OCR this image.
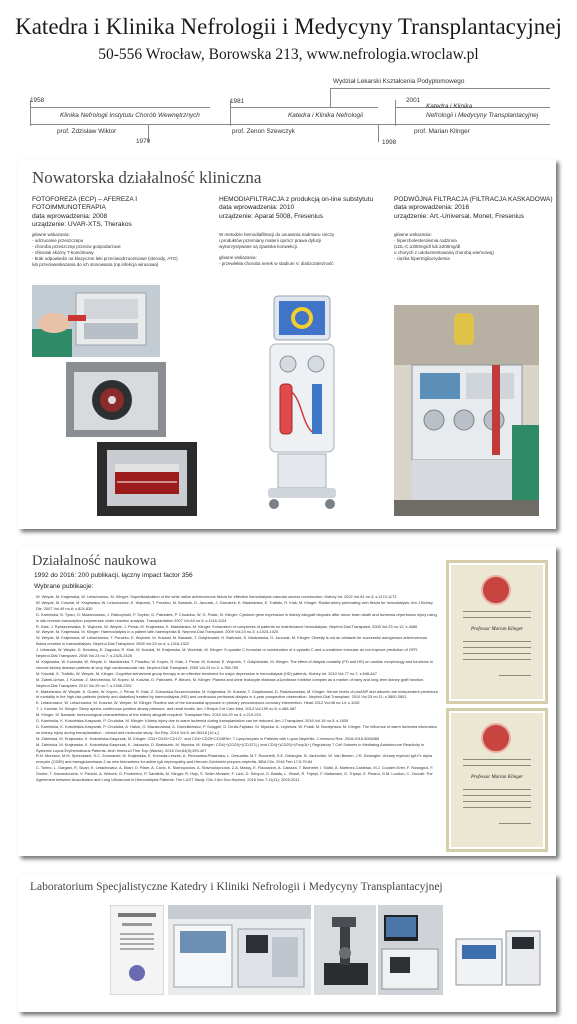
Katedra i Klinika Nefrologii i Medycyny Transplantacyjnej
50-556 Wrocław, Borowska 213, www.nefrologia.wroclaw.pl
1958
1970
1981
1998
2001
Klinika Nefrologii Instytutu Chorób Wewnętrznych	Katedra i Klinika Nefrologii
Katedra i Klinika
Nefrologii i Medycyny Transplantacyjnej
Wydział Lekarski Kształcenia Podyplomowego
prof. Zdzisław Wiktor	prof. Zenon Szewczyk	prof. Marian Klinger
Nowatorska działalność kliniczna
FOTOFOREZA (ECP) – AFEREZA I FOTOIMMUNOTERAPIA
data wprowadzenia: 2008
urządzenie: UVAR-XTS, Therakos
główne wskazania:
- odrzucanie przeszczepu
- choroba przeszczep przeciw gospodarzowi
- chłoniak skórny T-komórkowy
- brak odpowiedzi na klasyczne leki przeciwodrzuceniowe (steroidy, ATG)
lub przeciwwskazania do ich stosowania (np.infekcja wirusowa)
HEMODIAFILTRACJA z produkcją on-line substytutu
data wprowadzenia: 2010
urządzenie: Aparat 5008, Fresenius
W metodzie hemodiafiltracji do usuwania nadmiaru cieczy
i produktów przemiany materii oprócz prawa dyfuzji
wykorzystywane są zjawiska konwekcji.
główne wskazania:
- przewlekła choroba nerek w stadium V, dializozależność
PODWÓJNA FILTRACJA (FILTRACJA KASKADOWA)
data wprowadzenia: 2016
urządzenie: Art.-Universal, Monet, Fresenius
główne wskazania:
- hipercholesterolemia rodzinna
(LDL-C ≥300mg/dl lub ≥200mg/dl
u chorych z udokumentowaną chorobą wieńcową)
- ciężka hipertriglicerydemia
Działalność naukowa
1992 do 2016: 200 publikacji, łączny impact factor 356
Wybrane publikacje:
W. Weyde, M. Krajewska, W. Letachowicz, M. Klinger: Superficialization of the wrist native arteriovenous fistula for effective hemodialysis vascular access construction. Kidney Int. 2002 Vol.61 no.3; s.1170-1173
W. Weyde, M. Kusztal, M. Krajewska, W. Letachowicz, E. Wątorek, T. Porażko, M. Banasik, D. Janczak, J. Garcarek, K. Madziarska, E. Trafidło, R. Klak, M. Klinger: Radial artery perforating vein fistula for hemodialysis. Am.J.Kidney Dis. 2007 Vol.49 no.6; s.824-830
D. Kamińska, B. Tyran, O. Mazanowska, J. Rabczyński, P. Szyber, D. Patrzałek, P. Chudoba, W. G. Polak, M. Klinger: Cytokine gene expression in kidney allograft biopsies after donor brain death and ischemia-reperfusion injury using in situ reverse-transcription polymerase chain reaction analysis. Transplantation 2007 Vol.84 no.9; s.1118-1124
R. Klak, J. Rybszczewska, E. Wątorek, W. Weyde, J. Penar, M. Krajewska, K. Madziarska, M. Klinger: Exhaustion of complexes of patients on maintenance hemodialysis. Nephrol.Dial.Transplant. 2008 Vol.23 no.12; s.4086
W. Weyde, M. Krajewska, M. Klinger: Haemodialysis in a patient with haemophilia B. Nephrol.Dial.Transplant. 2009 Vol.24 no.3; s.1024-1025
W. Weyde, M. Krajewska, W. Letachowicz, T. Porażko, E. Wątorek, M. Kusztal, M. Banasik, T. Gołębiowski, H. Bartoszk, K. Madziarska, D. Janczak, M. Klinger: Obesity is not an obstacle for successful autogenous arteriovenous fistula creation in haemodialysis. Nephrol.Dial.Transplant. 2008 Vol.23 no.4; s.1318-1322
J. Urbaniak, W. Weyde, D. Smolską, E. Zagocka, R. Klak, M. Kusztal, M. Krajewska, M. Woźniak, M. Klinger: S-cystatin C formulae or combination of s-cystatin C and s-creatinine formulae do not improve prediction of GFR. Nephrol.Dial.Transplant. 2008 Vol.23 no.7; s.2425-2426
M. Krajewska, W. Kosmala, W. Weyde, K. Madziarska, T. Porażko, W. Kopeć, R. Klak, J. Penar, M. Kusztal, E. Wątorek, T. Gołębiowski, M. Klinger: The effect of dialysis modality (FD and HD) on cardiac morphology and functions in chronic kidney disease patients at very high cardiovascular risk. Nephrol.Dial.Transplant. 2008 Vol.23 no.2; s.768-769
M. Kusztal, E. Trafidło, W. Weyde, M. Klinger: Cognitive-behavioral group therapy is an effective treatment for major depression in hemodialysis (HD) patients. Kidney Int. 2010 Vol.77 no.7; s.646-647
M. Żabek-Urban, J. Kuźniar, Z. Marchewka, W. Kopeć, M. Kusztal, D. Patrzałek, P. Biecek, M. Klinger: Plasma and urine leukocyte elastase-α1protease inhibitor complex as a marker of early and long-term kidney graft function. Nephrol.Dial.Transplant. 2010 Vol.25 no.7; s.2346-2351
K. Madziarska, W. Weyde, K. Gosek, W. Kopeć, J. Penar, R. Klak, Z. Żukowska-Szczechowska, M. Krajewska, M. Kusztal, T. Gołębiowski, D. Radziszewska, M. Klinger: Serum levels of proANP and albumin are independent predictors of mortality in the high-risk patients (elderly and diabetics) treated by haemodialysis (HD) and continuous peritoneal dialysis in 4-year prospective observation. Nephrol.Dial.Transplant. 2010 Vol.25 no.11; s.3800-3801
K. Letachowicz, W. Letachowicz, M. Kusztal, W. Weyde, M. Klinger: Routine use of the transradial approach in primary percutaneous coronary intervention. Heart 2012 Vol.98 no.14; s.1106
T. J. Kuźniar, M. Klinger: Sleep apnea, continuous positive airway pressure, and renal health. Am J Respir Crit Care Med. 2014 Vol.190 no.5; s.486-487
M. Klinger, M. Banasik: Immunological characteristics of the elderly allograft recipient. Transplant Rev. 2015 Vol.29 no.4; s.219-223
D. Kamińska, K. Kościelska-Kasprzak, P. Chudoba, M. Klinger: Kidney injury due to warm ischemia during transplantation can be reduced. Am.J.Transplant. 2016 Vol.16 no.5; s.1639
D. Kamińska, K. Kościelska-Kasprzak, P. Chudoba, A. Hałoń, O. Mazanowska, A. Gomułkiewicz, P. Dzięgiel, D. Drulis-Fajdasz, M. Myszka, A. Lepiesza, W. Polak, M. Boratyńska, M. Klinger: The influence of warm ischemia elimination on kidney injury during transplantation - clinical and molecular study. Sci.Rep. 2016 Vol.6; art.36118 [10 s.]
M. Zabińska, M. Krajewska, K. Kościelska-Kasprzak, M. Klinger: CD4+CD25+CD127- and CD4+CD25+CD45RA+ T Lymphocytes in Patients with Lupus Nephritis. J Immunol Res. 2016;2016:3056365
M. Zabińska, M. Krajewska, K. Kościelska-Kasprzak, K. Jakuszko, D. Bartoszek, M. Myszka, M. Klinger: CD4(+)CD25(+)CD127(-) and CD4(+)CD25(+)Foxp3(+) Regulatory T Cell Subsets in Mediating Autoimmune Reactivity in Systemic Lupus Erythematosus Patients. Arch Immunol Ther Exp (Warsz). 2016 Oct;64(5):399-407
R.N. Moresco, M.M. Speeckaert, S.C. Zmonarski, M. Krajewska, E. Komuda-Leszek, A. Perkowska-Ptasinska, L. Gesualdo, M.T. Rocchetti, S.E. Delanghe, B. Vanholder, W. Van Biesen, J.R. Delanghe: Urinary myeloid IgA Fc alpha receptor (CD89) and transglutaminase-2 as new biomarkers for active IgA nephropathy and Henoch-Schönlein purpura nephritis. BBA Clin. 2016 Feb 17;5:79-84
C. Torino, L. Gargani, R. Sicari, K. Letachowicz, A. Ekart, D. Fliser, A. Covic, K. Siamopoulos, A. Stavroulopoulos, Z.A. Massy, E. Fiaccadori, A. Caiazza, T. Bachelet, I. Slotki, A. Martinez-Castelao, M.J. Coudert-Krier, F. Rossignol, F. Gueler, T. Hannedouche, V. Panichi, A. Wiecek, G. Pontoriero, P. Sarafidis, M. Klinger, R. Hojs, S. Seiler-Mussler, F. Lizzi, D. Siriopol, O. Balafa, L. Shavit, R. Tripepi, F. Mallamaci, G. Tripepi, E. Picano, G.M. London, C. Zoccali: The Agreement between Auscultation and Lung Ultrasound in Hemodialysis Patients: The LUST Study. Clin J Am Soc Nephrol. 2016 Nov 7;11(11): 2005-2011
Professor Marian Klinger
Professor Marian Klinger
Laboratorium Specjalistyczne Katedry i Kliniki Nefrologii i Medycyny Transplantacyjnej
